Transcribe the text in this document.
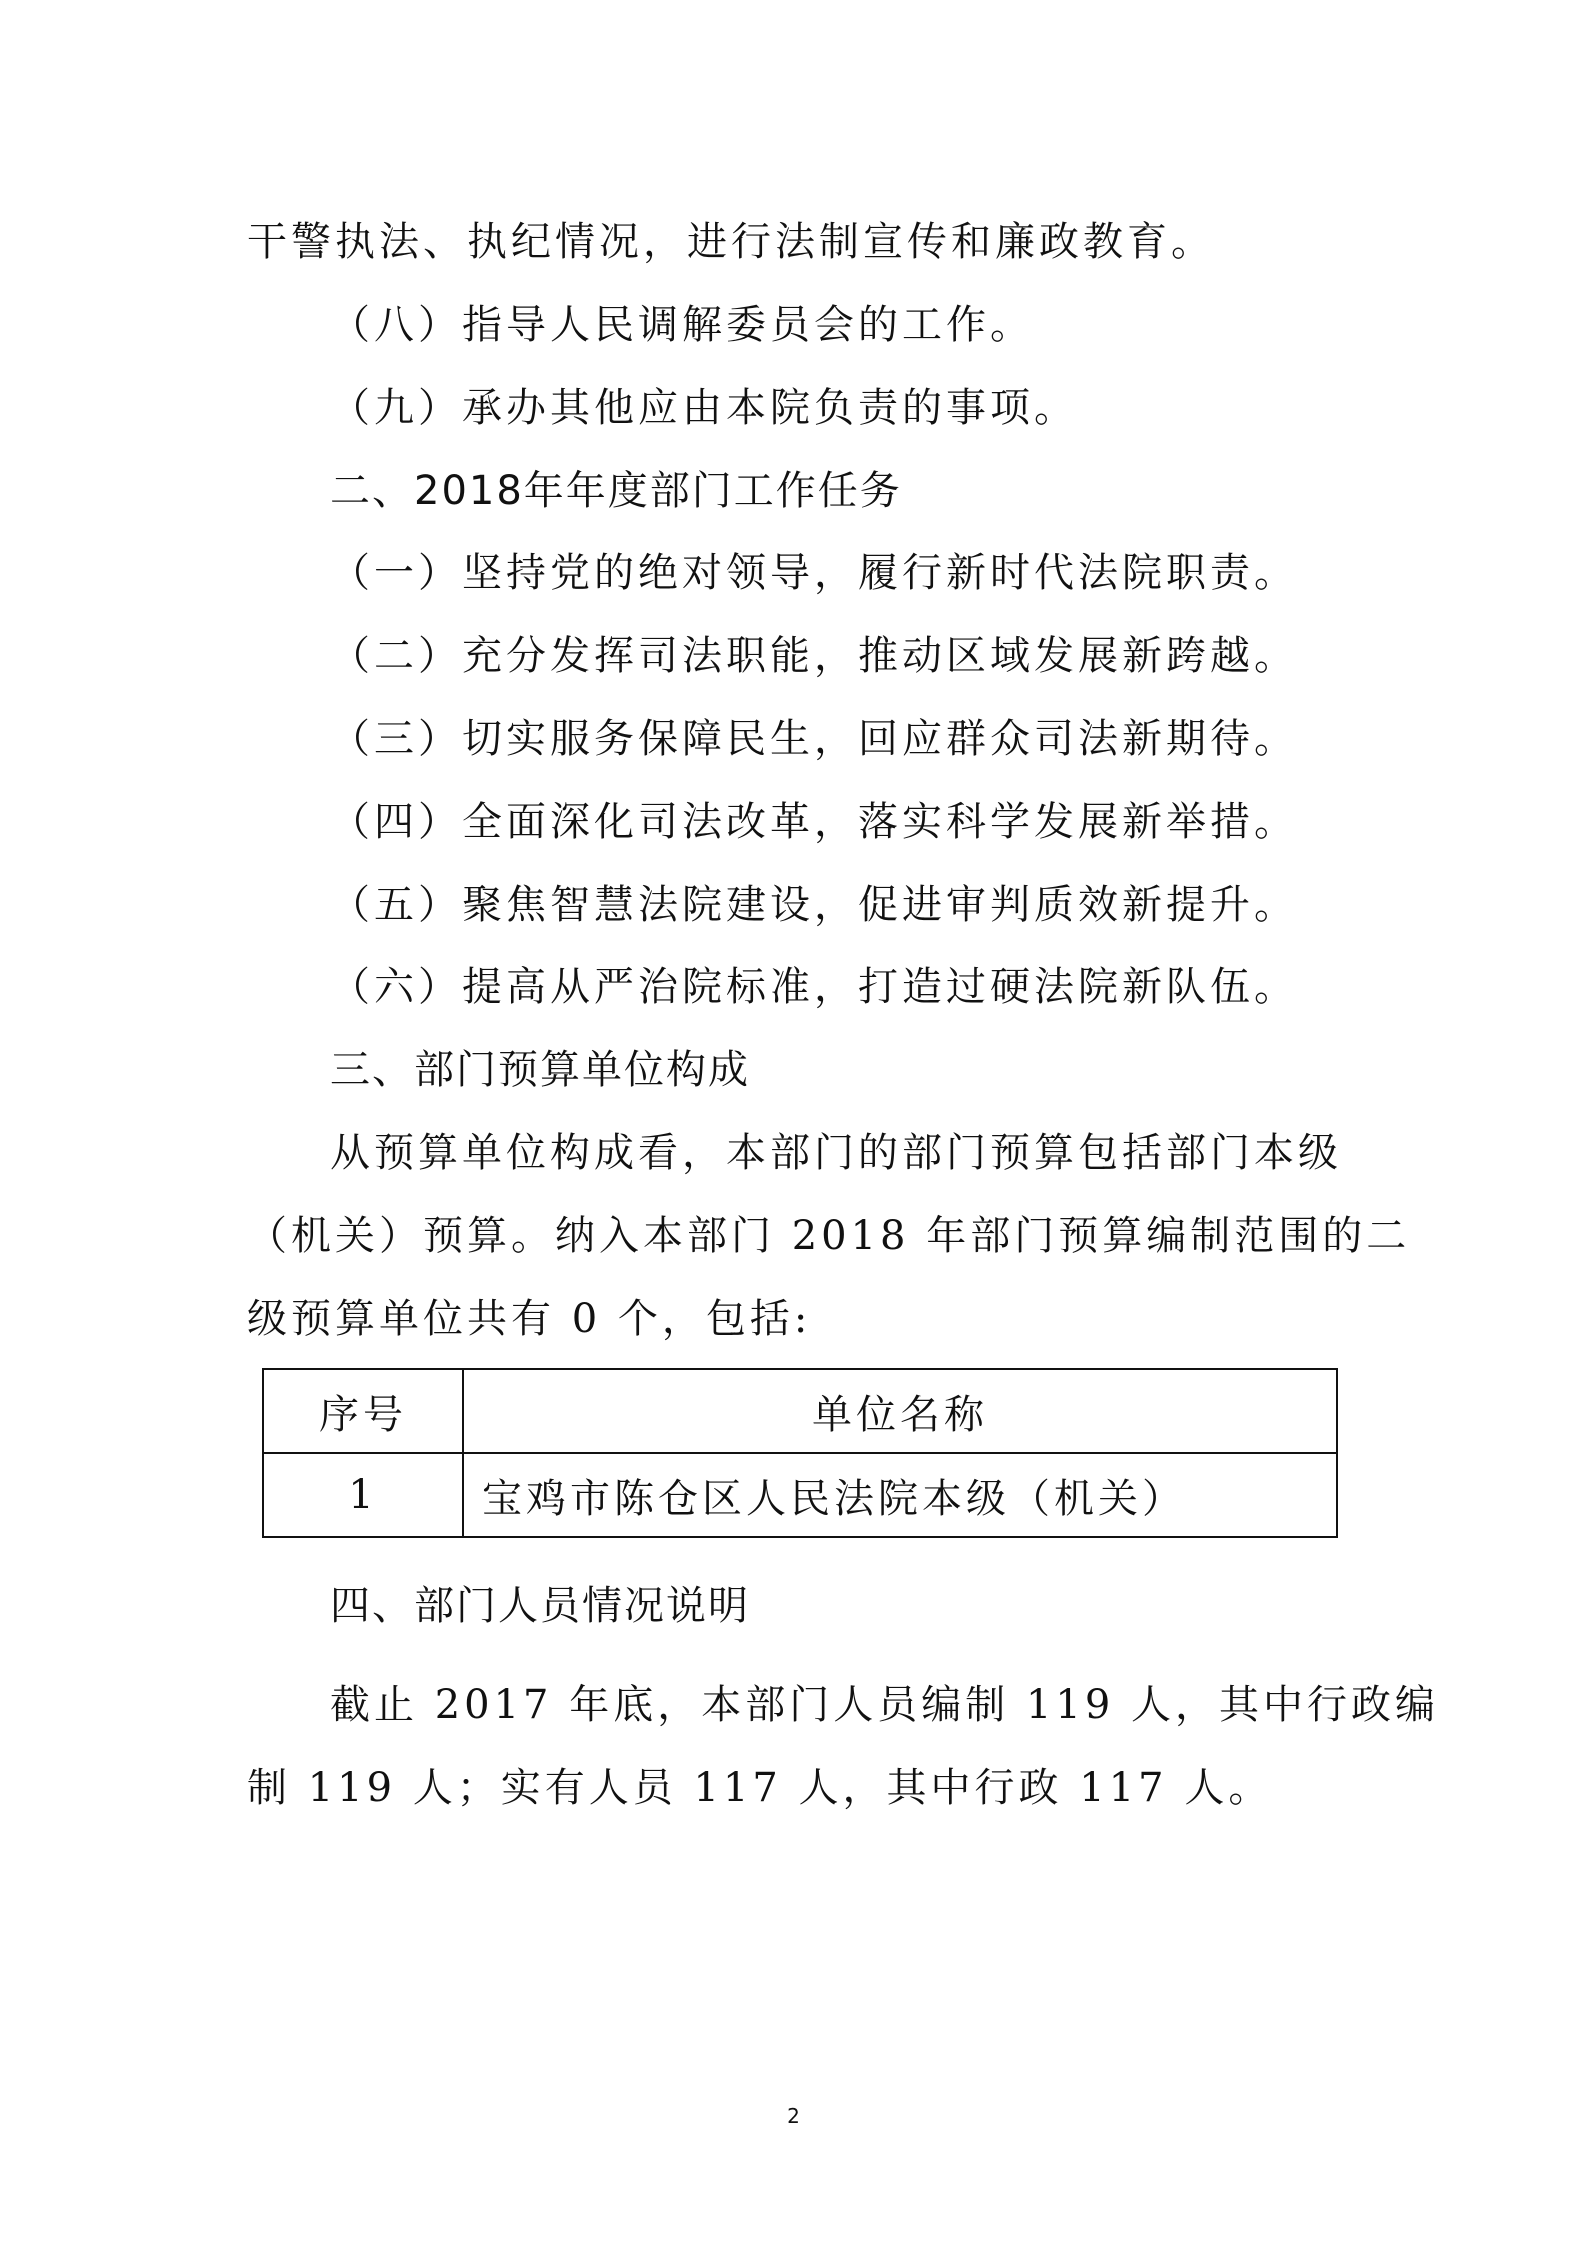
干警执法、执纪情况，进行法制宣传和廉政教育。
（八）指导人民调解委员会的工作。
（九）承办其他应由本院负责的事项。
二、2018年年度部门工作任务
（一）坚持党的绝对领导，履行新时代法院职责。
（二）充分发挥司法职能，推动区域发展新跨越。
（三）切实服务保障民生，回应群众司法新期待。
（四）全面深化司法改革，落实科学发展新举措。
（五）聚焦智慧法院建设，促进审判质效新提升。
（六）提高从严治院标准，打造过硬法院新队伍。
三、部门预算单位构成
从预算单位构成看，本部门的部门预算包括部门本级
（机关）预算。纳入本部门 2018 年部门预算编制范围的二
级预算单位共有 0 个，包括:
序号	单位名称
1	宝鸡市陈仓区人民法院本级（机关）
四、部门人员情况说明
截止 2017 年底，本部门人员编制 119 人，其中行政编
制 119 人；实有人员 117 人，其中行政 117 人。
2
